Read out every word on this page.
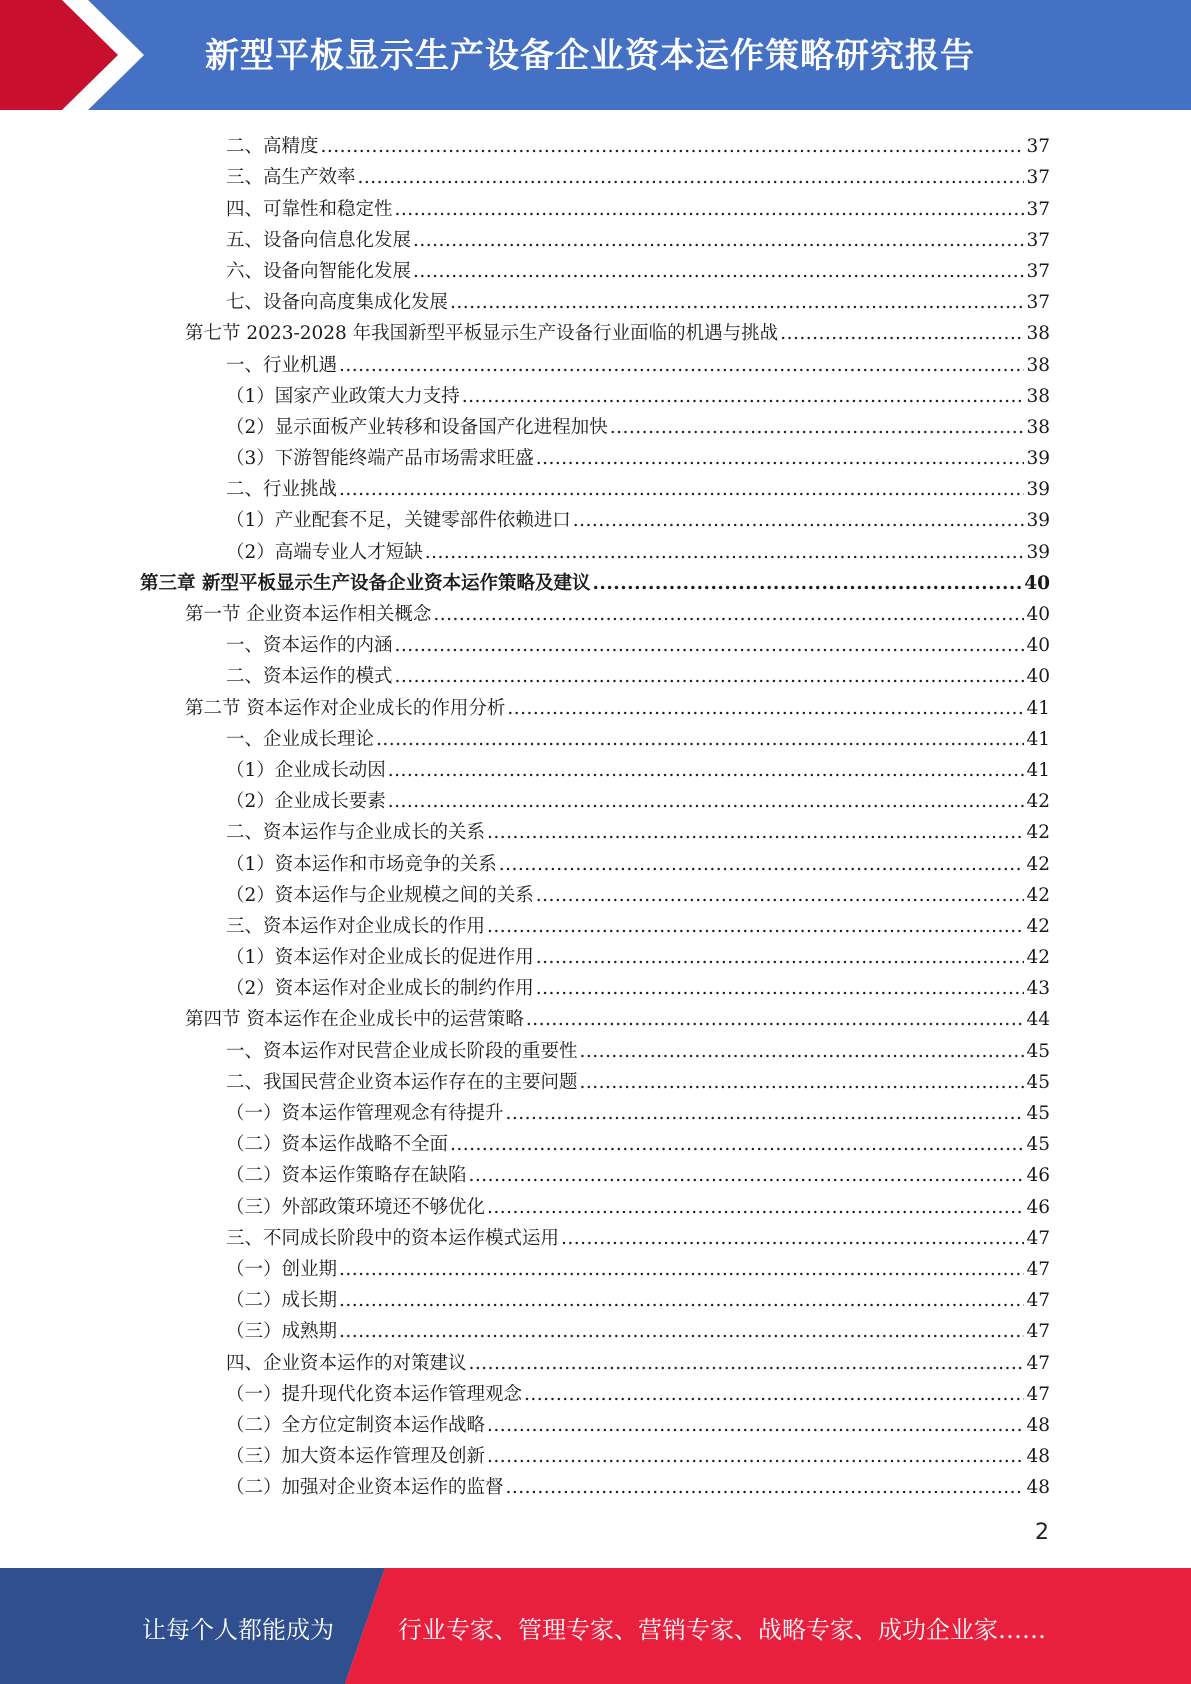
新型平板显示生产设备企业资本运作策略研究报告
二、高精度 .....	37
三、高生产效率 .....	37
四、可靠性和稳定性 .....	37
五、设备向信息化发展 .....	37
六、设备向智能化发展 .....	37
七、设备向高度集成化发展 .....	37
第七节 2023-2028 年我国新型平板显示生产设备行业面临的机遇与挑战 .....	38
一、行业机遇 .....	38
（1）国家产业政策大力支持 .....	38
（2）显示面板产业转移和设备国产化进程加快 .....	38
（3）下游智能终端产品市场需求旺盛 .....	39
二、行业挑战 .....	39
（1）产业配套不足，关键零部件依赖进口 .....	39
（2）高端专业人才短缺 .....	39
第三章 新型平板显示生产设备企业资本运作策略及建议 .....	40
第一节 企业资本运作相关概念 .....	40
一、资本运作的内涵 .....	40
二、资本运作的模式 .....	40
第二节 资本运作对企业成长的作用分析 .....	41
一、企业成长理论 .....	41
（1）企业成长动因 .....	41
（2）企业成长要素 .....	42
二、资本运作与企业成长的关系 .....	42
（1）资本运作和市场竞争的关系 .....	42
（2）资本运作与企业规模之间的关系 .....	42
三、资本运作对企业成长的作用 .....	42
（1）资本运作对企业成长的促进作用 .....	42
（2）资本运作对企业成长的制约作用 .....	43
第四节 资本运作在企业成长中的运营策略 .....	44
一、资本运作对民营企业成长阶段的重要性 .....	45
二、我国民营企业资本运作存在的主要问题 .....	45
（一）资本运作管理观念有待提升 .....	45
（二）资本运作战略不全面 .....	45
（二）资本运作策略存在缺陷 .....	46
（三）外部政策环境还不够优化 .....	46
三、不同成长阶段中的资本运作模式运用 .....	47
（一）创业期 .....	47
（二）成长期 .....	47
（三）成熟期 .....	47
四、企业资本运作的对策建议 .....	47
（一）提升现代化资本运作管理观念 .....	47
（二）全方位定制资本运作战略 .....	48
（三）加大资本运作管理及创新 .....	48
（二）加强对企业资本运作的监督 .....	48
2
让每个人都能成为	行业专家、管理专家、营销专家、战略专家、成功企业家……
